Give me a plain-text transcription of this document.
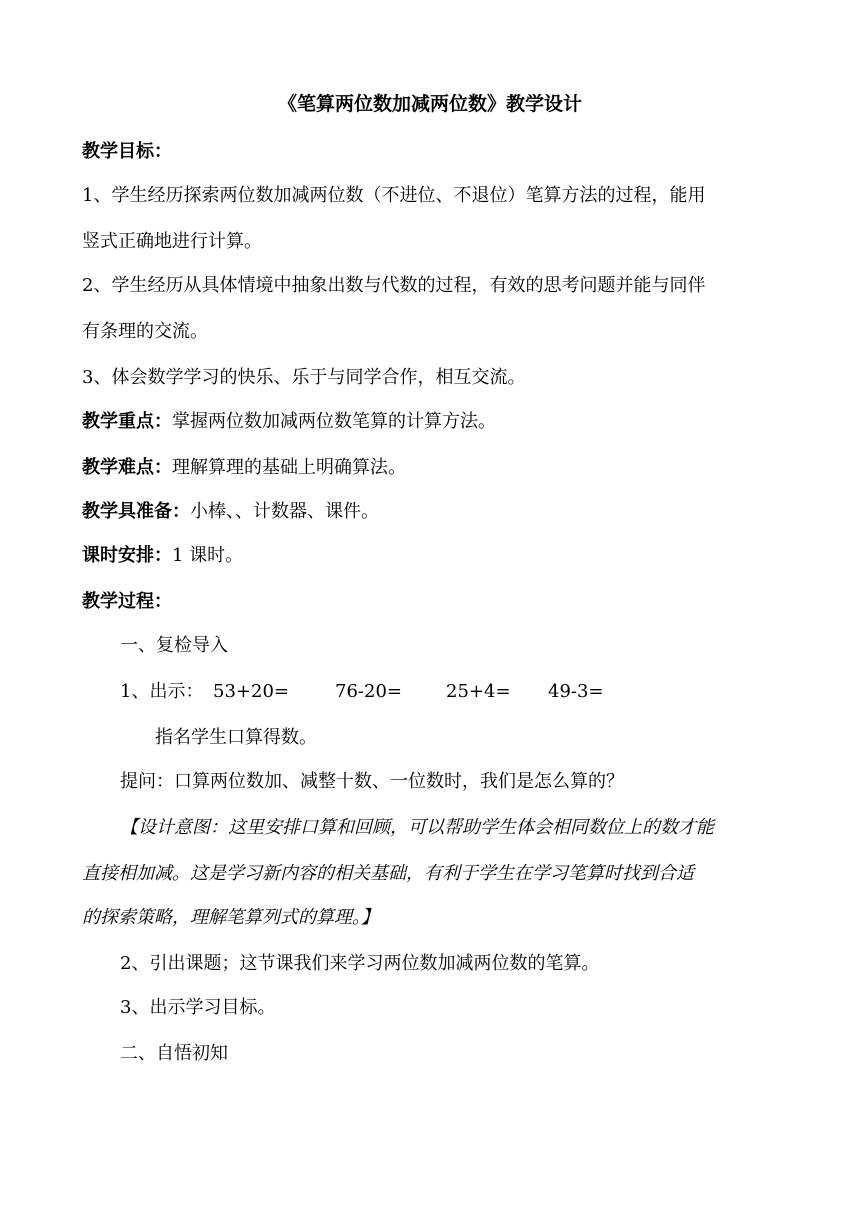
《笔算两位数加减两位数》教学设计
教学目标：
1、学生经历探索两位数加减两位数（不进位、不退位）笔算方法的过程，能用
竖式正确地进行计算。
2、学生经历从具体情境中抽象出数与代数的过程，有效的思考问题并能与同伴
有条理的交流。
3、体会数学学习的快乐、乐于与同学合作，相互交流。
教学重点：掌握两位数加减两位数笔算的计算方法。
教学难点：理解算理的基础上明确算法。
教学具准备：小棒、、计数器、课件。
课时安排：1 课时。
教学过程：
一、复检导入
1、出示： 53+20=	76-20= 25+4= 49-3=
指名学生口算得数。
提问：口算两位数加、减整十数、一位数时，我们是怎么算的？
【设计意图：这里安排口算和回顾，可以帮助学生体会相同数位上的数才能
直接相加减。这是学习新内容的相关基础，有利于学生在学习笔算时找到合适
的探索策略，理解笔算列式的算理。】
2、引出课题；这节课我们来学习两位数加减两位数的笔算。
3、出示学习目标。
二、自悟初知
